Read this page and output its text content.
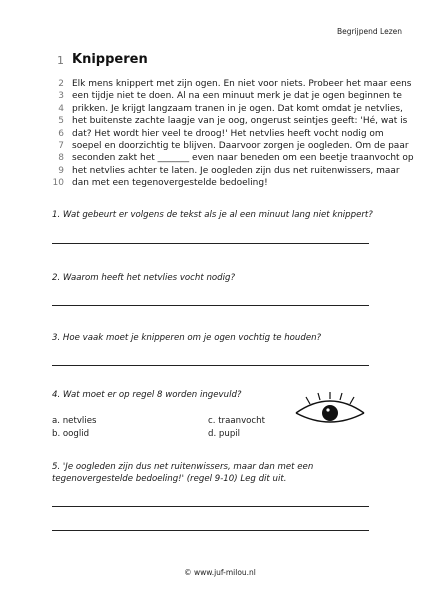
Begrijpend Lezen
1 Knipperen
2 Elk mens knippert met zijn ogen. En niet voor niets. Probeer het maar eens
3 een tijdje niet te doen. Al na een minuut merk je dat je ogen beginnen te
4 prikken. Je krijgt langzaam tranen in je ogen. Dat komt omdat je netvlies,
5 het buitenste zachte laagje van je oog, ongerust seintjes geeft: 'Hé, wat is
6 dat? Het wordt hier veel te droog!' Het netvlies heeft vocht nodig om
7 soepel en doorzichtig te blijven. Daarvoor zorgen je oogleden. Om de paar
8 seconden zakt het _______ even naar beneden om een beetje traanvocht op
9 het netvlies achter te laten. Je oogleden zijn dus net ruitenwissers, maar
10 dan met een tegenovergestelde bedoeling!
1. Wat gebeurt er volgens de tekst als je al een minuut lang niet knippert?
2. Waarom heeft het netvlies vocht nodig?
3. Hoe vaak moet je knipperen om je ogen vochtig te houden?
4. Wat moet er op regel 8 worden ingevuld?
a. netvlies	c. traanvocht
b. ooglid	d. pupil
5. 'Je oogleden zijn dus net ruitenwissers, maar dan met een tegenovergestelde bedoeling!' (regel 9-10) Leg dit uit.
© www.juf-milou.nl
